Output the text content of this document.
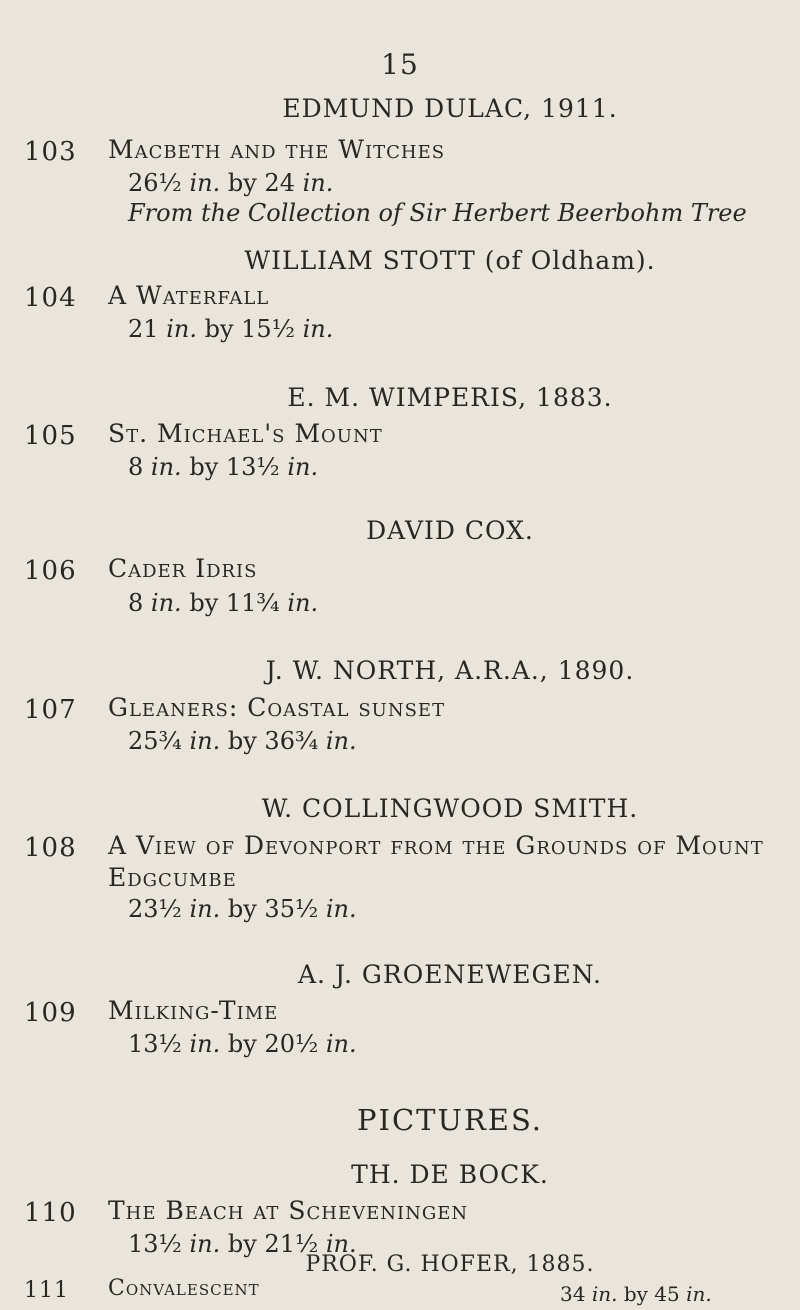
15
EDMUND DULAC, 1911.
103	Macbeth and the Witches
26½ in. by 24 in.
From the Collection of Sir Herbert Beerbohm Tree
WILLIAM STOTT (of Oldham).
104	A Waterfall
21 in. by 15½ in.
E. M. WIMPERIS, 1883.
105	St. Michael's Mount
8 in. by 13½ in.
DAVID COX.
106	Cader Idris
8 in. by 11¾ in.
J. W. NORTH, A.R.A., 1890.
107	Gleaners: Coastal sunset
25¾ in. by 36¾ in.
W. COLLINGWOOD SMITH.
108	A View of Devonport from the Grounds of Mount Edgcumbe
23½ in. by 35½ in.
A. J. GROENEWEGEN.
109	Milking-Time
13½ in. by 20½ in.
PICTURES.
TH. DE BOCK.
110	The Beach at Scheveningen
13½ in. by 21½ in.
PROF. G. HOFER, 1885.
111	Convalescent	34 in. by 45 in.
